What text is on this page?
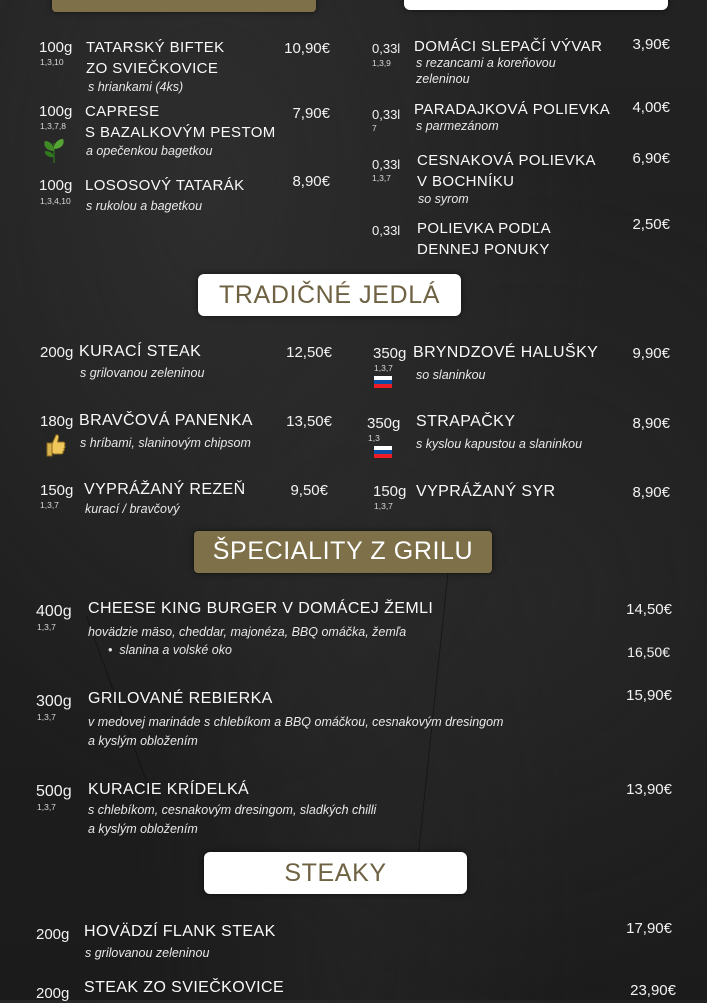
100g
1,3,10
TATARSKÝ BIFTEK
ZO SVIEČKOVICE
s hriankami (4ks)
10,90€
100g
1,3,7,8
CAPRESE
S BAZALKOVÝM PESTOM
a opečenkou bagetkou
7,90€
100g
1,3,4,10
LOSOSOVÝ TATARÁK
s rukolou a bagetkou
8,90€
0,33l
1,3,9
DOMÁCI SLEPAČÍ VÝVAR
s rezancami a koreňovou
zeleninou
3,90€
0,33l
7
PARADAJKOVÁ POLIEVKA
s parmezánom
4,00€
0,33l
1,3,7
CESNAKOVÁ POLIEVKA
V BOCHNÍKU
so syrom
6,90€
0,33l POLIEVKA PODĽA
DENNEJ PONUKY
2,50€
TRADIČNÉ JEDLÁ
200g KURACÍ STEAK
s grilovanou zeleninou
12,50€
180g BRAVČOVÁ PANENKA
s hríbami, slaninovým chipsom
13,50€
150g
1,3,7
VYPRÁŽANÝ REZEŇ
kurací / bravčový
9,50€
350g
1,3,7
BRYNDZOVÉ HALUŠKY
so slaninkou
9,90€
350g
1,3
STRAPAČKY
s kyslou kapustou a slaninkou
8,90€
150g
1,3,7
VYPRÁŽANÝ SYR	8,90€
ŠPECIALITY Z GRILU
400g
1,3,7
CHEESE KING BURGER V DOMÁCEJ ŽEMLI
hovädzie mäso, cheddar, majonéza, BBQ omáčka, žemľa
• slanina a volské oko
14,50€
16,50€
300g
1,3,7
GRILOVANÉ REBIERKA
v medovej marináde s chlebíkom a BBQ omáčkou, cesnakovým dresingom
a kyslým obložením
15,90€
500g
1,3,7
KURACIE KRÍDELKÁ
s chlebíkom, cesnakovým dresingom, sladkých chilli
a kyslým obložením
13,90€
STEAKY
200g HOVÄDZÍ FLANK STEAK
s grilovanou zeleninou
17,90€
200g STEAK ZO SVIEČKOVICE	23,90€
